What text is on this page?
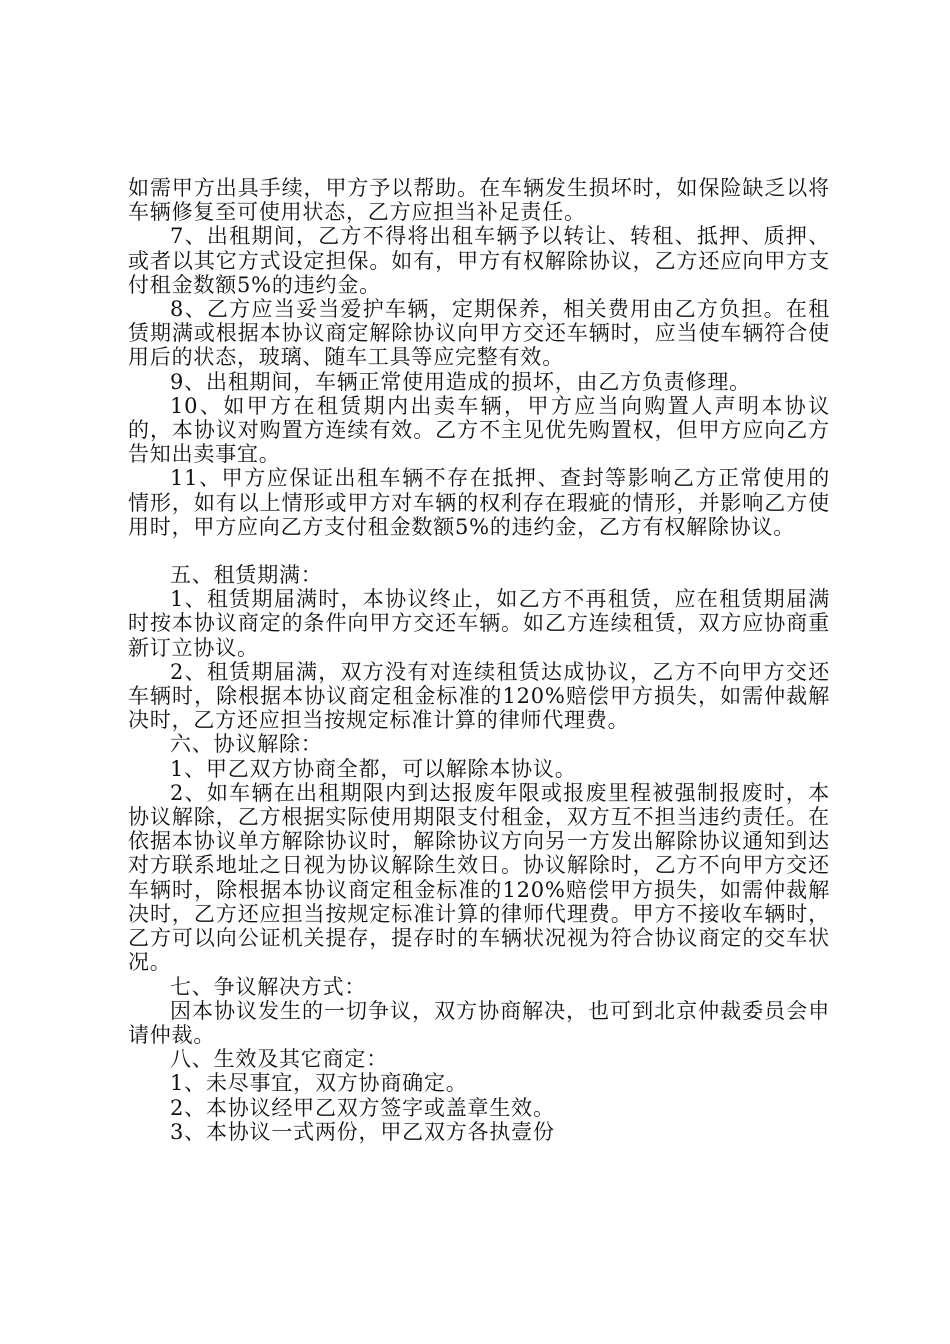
如需甲方出具手续，甲方予以帮助。在车辆发生损坏时，如保险缺乏以将车辆修复至可使用状态，乙方应担当补足责任。

7、出租期间，乙方不得将出租车辆予以转让、转租、抵押、质押、或者以其它方式设定担保。如有，甲方有权解除协议，乙方还应向甲方支付租金数额5%的违约金。

8、乙方应当妥当爱护车辆，定期保养，相关费用由乙方负担。在租赁期满或根据本协议商定解除协议向甲方交还车辆时，应当使车辆符合使用后的状态，玻璃、随车工具等应完整有效。

9、出租期间，车辆正常使用造成的损坏，由乙方负责修理。

10、如甲方在租赁期内出卖车辆，甲方应当向购置人声明本协议的，本协议对购置方连续有效。乙方不主见优先购置权，但甲方应向乙方告知出卖事宜。

11、甲方应保证出租车辆不存在抵押、查封等影响乙方正常使用的情形，如有以上情形或甲方对车辆的权利存在瑕疵的情形，并影响乙方使用时，甲方应向乙方支付租金数额5%的违约金，乙方有权解除协议。

五、租赁期满：

1、租赁期届满时，本协议终止，如乙方不再租赁，应在租赁期届满时按本协议商定的条件向甲方交还车辆。如乙方连续租赁，双方应协商重新订立协议。

2、租赁期届满，双方没有对连续租赁达成协议，乙方不向甲方交还车辆时，除根据本协议商定租金标准的120%赔偿甲方损失，如需仲裁解决时，乙方还应担当按规定标准计算的律师代理费。

六、协议解除：

1、甲乙双方协商全都，可以解除本协议。

2、如车辆在出租期限内到达报废年限或报废里程被强制报废时，本协议解除，乙方根据实际使用期限支付租金，双方互不担当违约责任。在依据本协议单方解除协议时，解除协议方向另一方发出解除协议通知到达对方联系地址之日视为协议解除生效日。协议解除时，乙方不向甲方交还车辆时，除根据本协议商定租金标准的120%赔偿甲方损失，如需仲裁解决时，乙方还应担当按规定标准计算的律师代理费。甲方不接收车辆时，乙方可以向公证机关提存，提存时的车辆状况视为符合协议商定的交车状况。

七、争议解决方式：

因本协议发生的一切争议，双方协商解决，也可到北京仲裁委员会申请仲裁。

八、生效及其它商定：

1、未尽事宜，双方协商确定。

2、本协议经甲乙双方签字或盖章生效。

3、本协议一式两份，甲乙双方各执壹份
